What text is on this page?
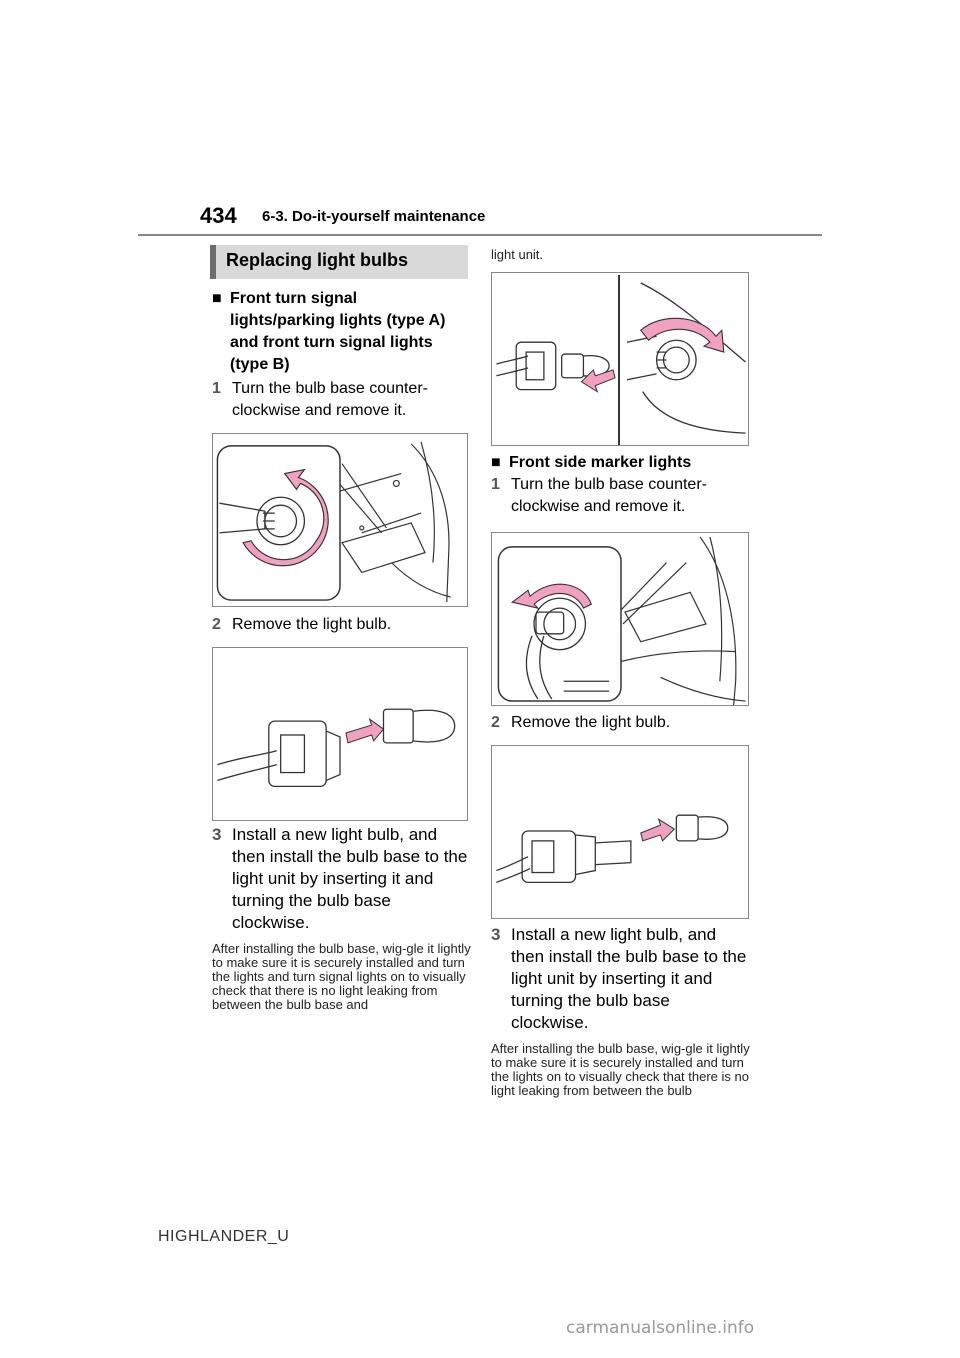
434 6-3. Do-it-yourself maintenance
Replacing light bulbs
■ Front turn signal lights/parking lights (type A) and front turn signal lights (type B)
1 Turn the bulb base counter-clockwise and remove it.
2 Remove the light bulb.
3 Install a new light bulb, and then install the bulb base to the light unit by inserting it and turning the bulb base clockwise.
After installing the bulb base, wig-gle it lightly to make sure it is securely installed and turn the lights and turn signal lights on to visually check that there is no light leaking from between the bulb base and
light unit.
■ Front side marker lights
1 Turn the bulb base counter-clockwise and remove it.
2 Remove the light bulb.
3 Install a new light bulb, and then install the bulb base to the light unit by inserting it and turning the bulb base clockwise.
After installing the bulb base, wig-gle it lightly to make sure it is securely installed and turn the lights on to visually check that there is no light leaking from between the bulb
HIGHLANDER_U
carmanualsonline.info
